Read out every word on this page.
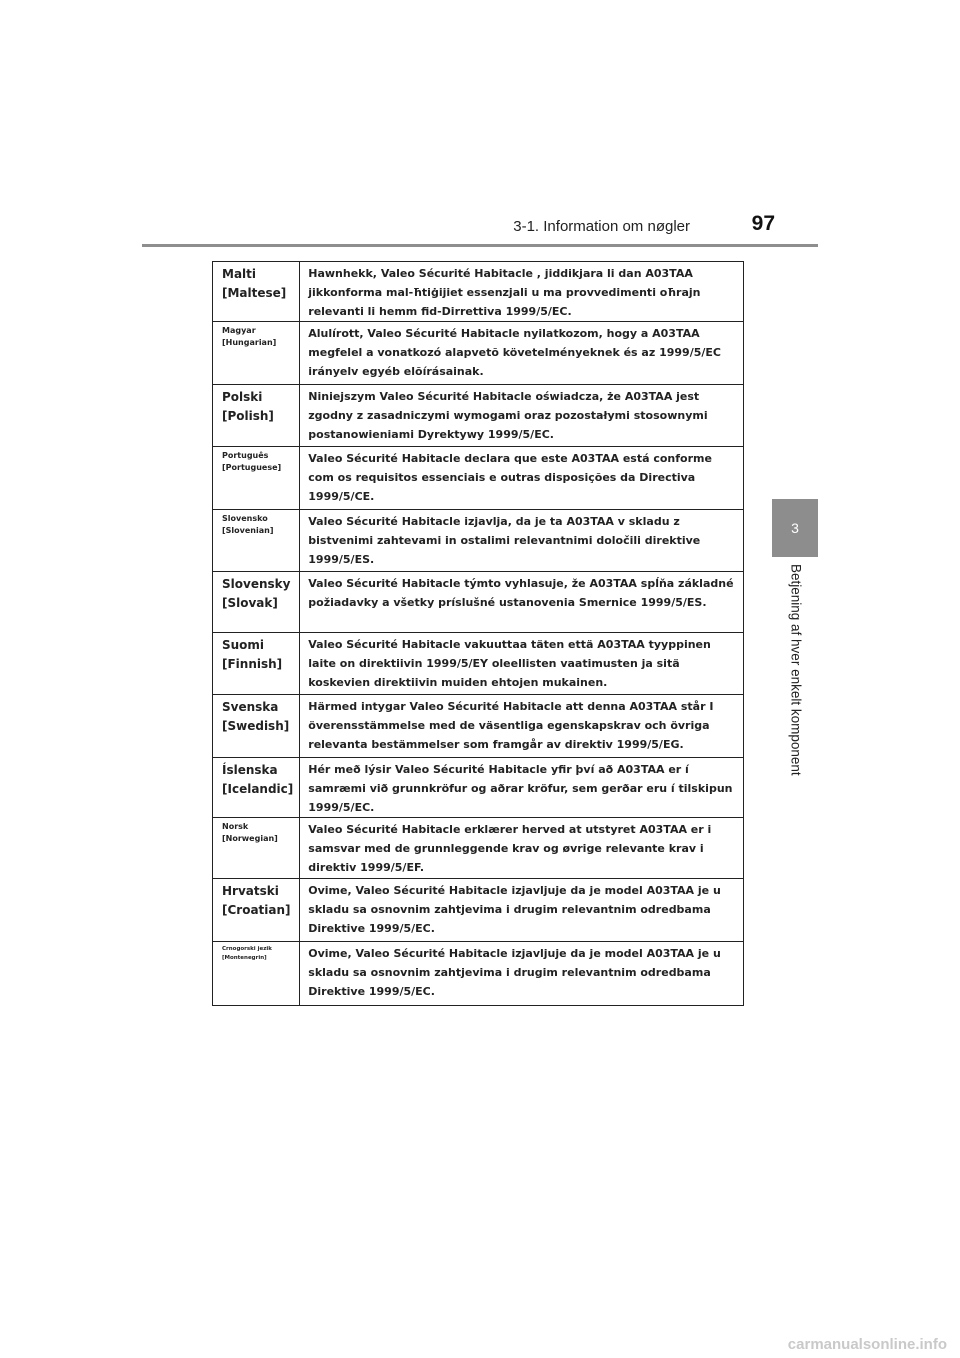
3-1. Information om nøgler	97
3
Betjening af hver enkelt komponent
Malti
[Maltese]	Hawnhekk, Valeo Sécurité Habitacle , jiddikjara li dan A03TAA jikkonforma mal-ħtiġijiet essenzjali u ma provvedimenti oħrajn relevanti li hemm fid-Dirrettiva 1999/5/EC.

Magyar
[Hungarian]	Alulírott, Valeo Sécurité Habitacle nyilatkozom, hogy a A03TAA megfelel a vonatkozó alapvetõ követelményeknek és az 1999/5/EC irányelv egyéb elõírásainak.

Polski
[Polish]	Niniejszym Valeo Sécurité Habitacle oświadcza, że A03TAA jest zgodny z zasadniczymi wymogami oraz pozostałymi stosownymi postanowieniami Dyrektywy 1999/5/EC.

Português
[Portuguese]	Valeo Sécurité Habitacle declara que este A03TAA está conforme com os requisitos essenciais e outras disposições da Directiva 1999/5/CE.

Slovensko
[Slovenian]	Valeo Sécurité Habitacle izjavlja, da je ta A03TAA v skladu z bistvenimi zahtevami in ostalimi relevantnimi določili direktive 1999/5/ES.

Slovensky
[Slovak]	Valeo Sécurité Habitacle týmto vyhlasuje, že A03TAA spĺňa základné požiadavky a všetky príslušné ustanovenia Smernice 1999/5/ES.

Suomi
[Finnish]	Valeo Sécurité Habitacle vakuuttaa täten että A03TAA tyyppinen laite on direktiivin 1999/5/EY oleellisten vaatimusten ja sitä koskevien direktiivin muiden ehtojen mukainen.

Svenska
[Swedish]	Härmed intygar Valeo Sécurité Habitacle att denna A03TAA står I överensstämmelse med de väsentliga egenskapskrav och övriga relevanta bestämmelser som framgår av direktiv 1999/5/EG.

Íslenska
[Icelandic]	Hér með lýsir Valeo Sécurité Habitacle yfir því að A03TAA er í samræmi við grunnkröfur og aðrar kröfur, sem gerðar eru í tilskipun 1999/5/EC.

Norsk
[Norwegian]	Valeo Sécurité Habitacle erklærer herved at utstyret A03TAA er i samsvar med de grunnleggende krav og øvrige relevante krav i direktiv 1999/5/EF.

Hrvatski
[Croatian]	Ovime, Valeo Sécurité Habitacle izjavljuje da je model A03TAA je u skladu sa osnovnim zahtjevima i drugim relevantnim odredbama Direktive 1999/5/EC.

Crnogorski jezik
[Montenegrin]	Ovime, Valeo Sécurité Habitacle izjavljuje da je model A03TAA je u skladu sa osnovnim zahtjevima i drugim relevantnim odredbama Direktive 1999/5/EC.
carmanualsonline.info
